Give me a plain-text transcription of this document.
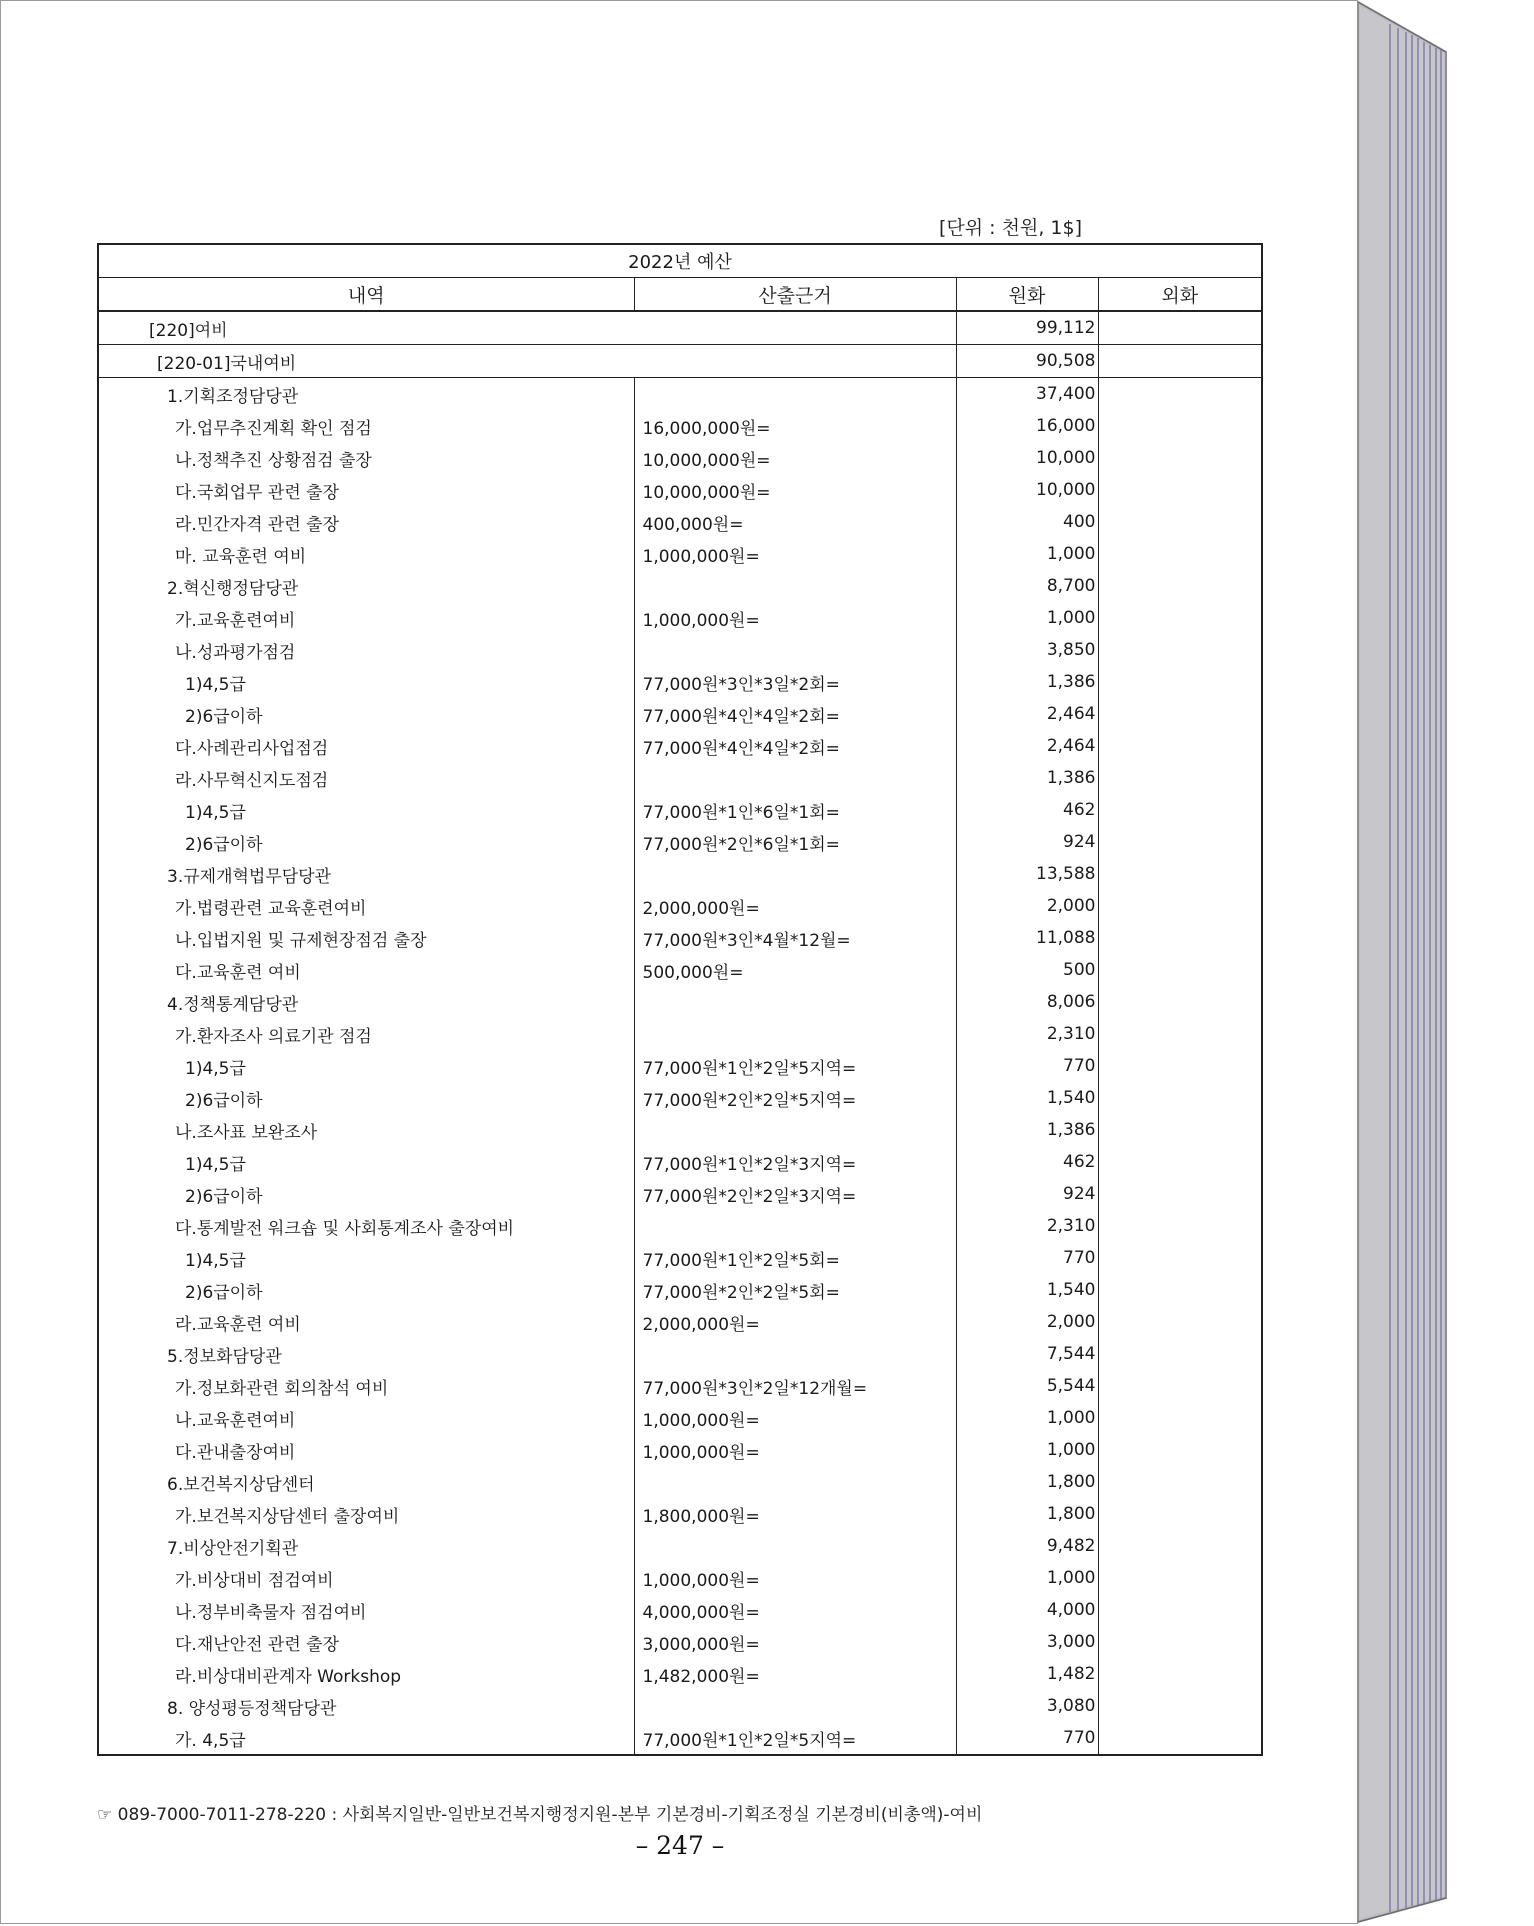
[단위 : 천원, 1$]
2022년 예산			
내역	산출근거	원화	외화
[220]여비		99,112	
[220-01]국내여비		90,508	
1.기획조정담당관		37,400	
가.업무추진계획 확인 점검	16,000,000원=	16,000	
나.정책추진 상황점검 출장	10,000,000원=	10,000	
다.국회업무 관련 출장	10,000,000원=	10,000	
라.민간자격 관련 출장	400,000원=	400	
마. 교육훈련 여비	1,000,000원=	1,000	
2.혁신행정담당관		8,700	
가.교육훈련여비	1,000,000원=	1,000	
나.성과평가점검		3,850	
1)4,5급	77,000원*3인*3일*2회=	1,386	
2)6급이하	77,000원*4인*4일*2회=	2,464	
다.사례관리사업점검	77,000원*4인*4일*2회=	2,464	
라.사무혁신지도점검		1,386	
1)4,5급	77,000원*1인*6일*1회=	462	
2)6급이하	77,000원*2인*6일*1회=	924	
3.규제개혁법무담당관		13,588	
가.법령관련 교육훈련여비	2,000,000원=	2,000	
나.입법지원 및 규제현장점검 출장	77,000원*3인*4월*12월=	11,088	
다.교육훈련 여비	500,000원=	500	
4.정책통계담당관		8,006	
가.환자조사 의료기관 점검		2,310	
1)4,5급	77,000원*1인*2일*5지역=	770	
2)6급이하	77,000원*2인*2일*5지역=	1,540	
나.조사표 보완조사		1,386	
1)4,5급	77,000원*1인*2일*3지역=	462	
2)6급이하	77,000원*2인*2일*3지역=	924	
다.통계발전 워크숍 및 사회통계조사 출장여비		2,310	
1)4,5급	77,000원*1인*2일*5회=	770	
2)6급이하	77,000원*2인*2일*5회=	1,540	
라.교육훈련 여비	2,000,000원=	2,000	
5.정보화담당관		7,544	
가.정보화관련 회의참석 여비	77,000원*3인*2일*12개월=	5,544	
나.교육훈련여비	1,000,000원=	1,000	
다.관내출장여비	1,000,000원=	1,000	
6.보건복지상담센터		1,800	
가.보건복지상담센터 출장여비	1,800,000원=	1,800	
7.비상안전기획관		9,482	
가.비상대비 점검여비	1,000,000원=	1,000	
나.정부비축물자 점검여비	4,000,000원=	4,000	
다.재난안전 관련 출장	3,000,000원=	3,000	
라.비상대비관계자 Workshop	1,482,000원=	1,482	
8. 양성평등정책담당관		3,080	
가. 4,5급	77,000원*1인*2일*5지역=	770	
☞ 089-7000-7011-278-220 : 사회복지일반-일반보건복지행정지원-본부 기본경비-기획조정실 기본경비(비총액)-여비
– 247 –
